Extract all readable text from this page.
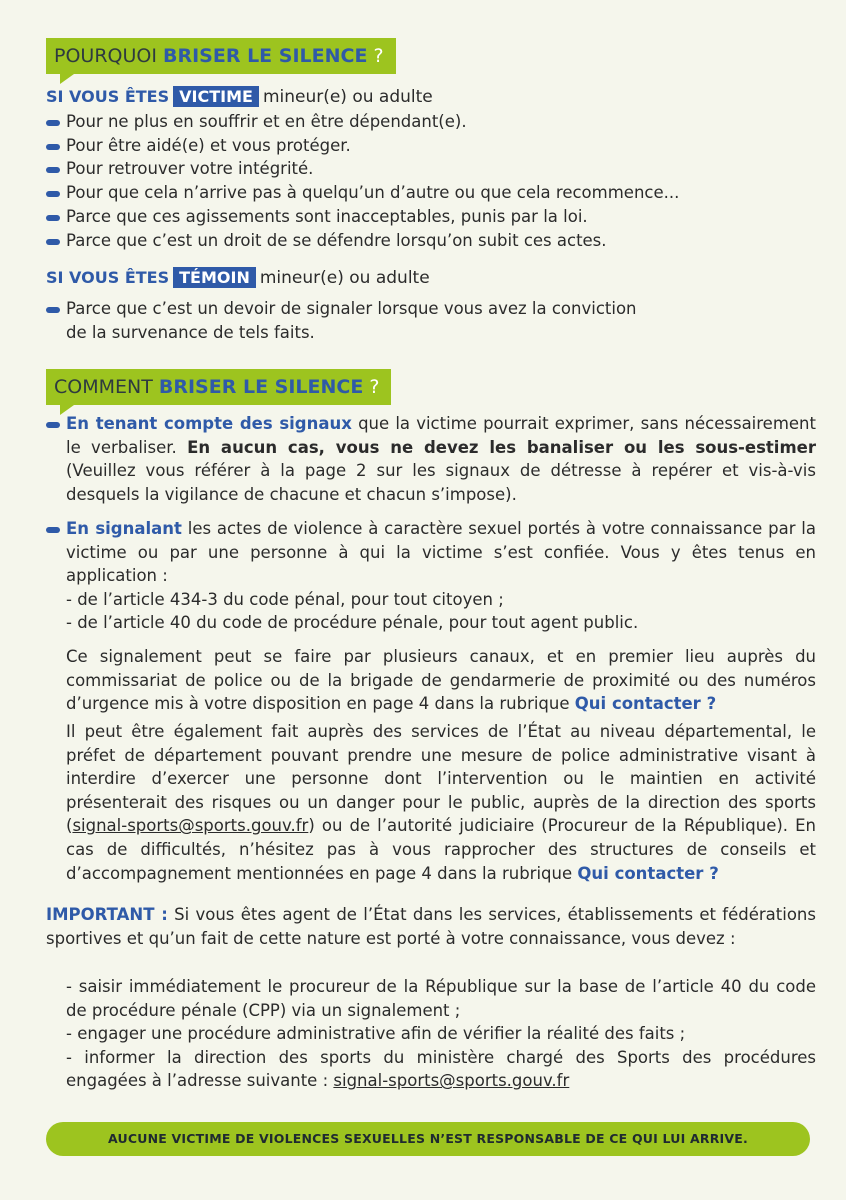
POURQUOI BRISER LE SILENCE ?
SI VOUS ÊTES VICTIME mineur(e) ou adulte
Pour ne plus en souffrir et en être dépendant(e).
Pour être aidé(e) et vous protéger.
Pour retrouver votre intégrité.
Pour que cela n’arrive pas à quelqu’un d’autre ou que cela recommence...
Parce que ces agissements sont inacceptables, punis par la loi.
Parce que c’est un droit de se défendre lorsqu’on subit ces actes.
SI VOUS ÊTES TÉMOIN mineur(e) ou adulte
Parce que c’est un devoir de signaler lorsque vous avez la conviction
de la survenance de tels faits.
COMMENT BRISER LE SILENCE ?

En tenant compte des signaux que la victime pourrait exprimer, sans nécessairement le verbaliser. En aucun cas, vous ne devez les banaliser ou les sous-estimer (Veuillez vous référer à la page 2 sur les signaux de détresse à repérer et vis-à-vis desquels la vigilance de chacune et chacun s’impose).

En signalant les actes de violence à caractère sexuel portés à votre connaissance par la victime ou par une personne à qui la victime s’est confiée. Vous y êtes tenus en application :

- de l’article 434-3 du code pénal, pour tout citoyen ;

- de l’article 40 du code de procédure pénale, pour tout agent public.

Ce signalement peut se faire par plusieurs canaux, et en premier lieu auprès du commissariat de police ou de la brigade de gendarmerie de proximité ou des numéros d’urgence mis à votre disposition en page 4 dans la rubrique Qui contacter ?

Il peut être également fait auprès des services de l’État au niveau départemental, le préfet de département pouvant prendre une mesure de police administrative visant à interdire d’exercer une personne dont l’intervention ou le maintien en activité présenterait des risques ou un danger pour le public, auprès de la direction des sports (signal-sports@sports.gouv.fr) ou de l’autorité judiciaire (Procureur de la République). En cas de difficultés, n’hésitez pas à vous rapprocher des structures de conseils et d’accompagnement mentionnées en page 4 dans la rubrique Qui contacter ?

IMPORTANT : Si vous êtes agent de l’État dans les services, établissements et fédérations sportives et qu’un fait de cette nature est porté à votre connaissance, vous devez :

- saisir immédiatement le procureur de la République sur la base de l’article 40 du code de procédure pénale (CPP) via un signalement ;

- engager une procédure administrative afin de vérifier la réalité des faits ;

- informer la direction des sports du ministère chargé des Sports des procédures engagées à l’adresse suivante : signal-sports@sports.gouv.fr

AUCUNE VICTIME DE VIOLENCES SEXUELLES N’EST RESPONSABLE DE CE QUI LUI ARRIVE.
